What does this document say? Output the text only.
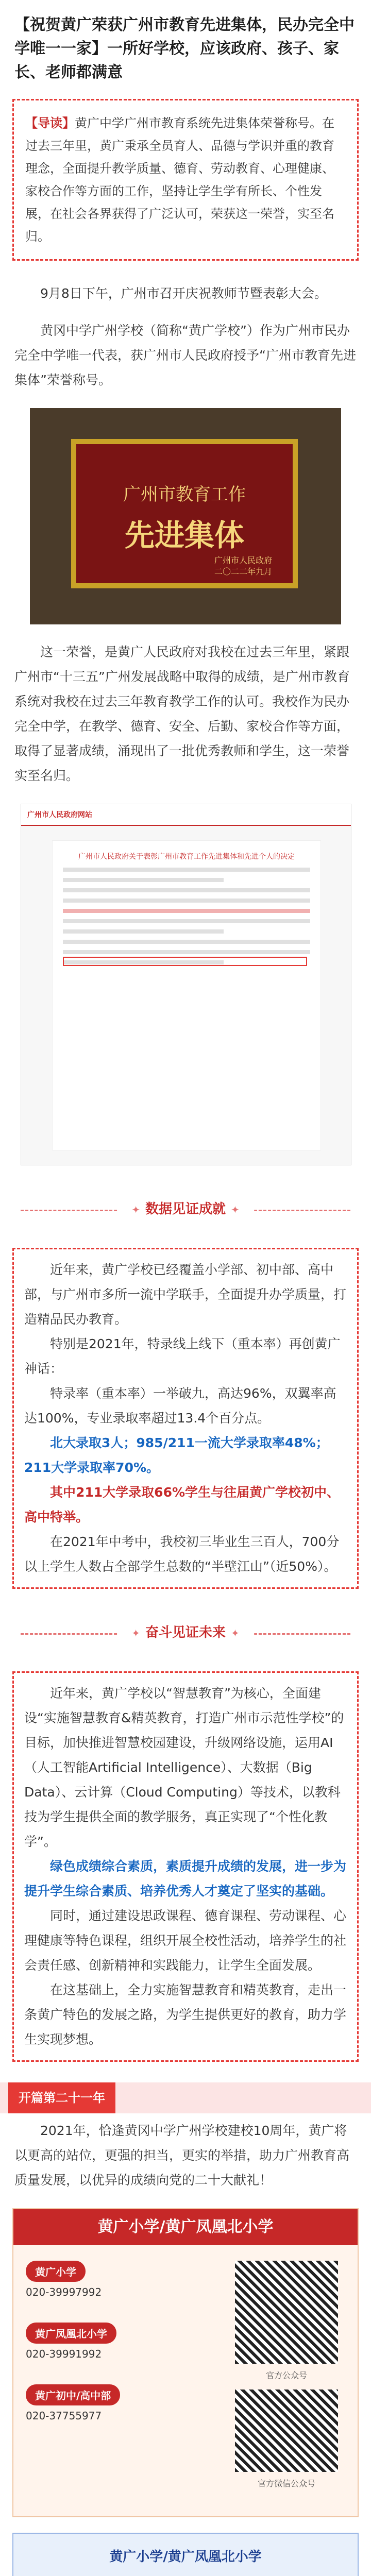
【祝贺黄广荣获广州市教育先进集体，民办完全中学唯一一家】一所好学校，应该政府、孩子、家长、老师都满意
【导读】黄广中学广州市教育系统先进集体荣誉称号。在过去三年里，黄广秉承全员育人、品德与学识并重的教育理念，全面提升教学质量、德育、劳动教育、心理健康、家校合作等方面的工作，坚持让学生学有所长、个性发展，在社会各界获得了广泛认可，荣获这一荣誉，实至名归。

9月8日下午，广州市召开庆祝教师节暨表彰大会。

黄冈中学广州学校（简称“黄广学校”）作为广州市民办完全中学唯一代表，获广州市人民政府授予“广州市教育先进集体”荣誉称号。

广州市教育工作
先进集体
广州市人民政府
二〇二二年九月

这一荣誉，是黄广人民政府对我校在过去三年里，紧跟广州市“十三五”广州发展战略中取得的成绩，是广州市教育系统对我校在过去三年教育教学工作的认可。我校作为民办完全中学，在教学、德育、安全、后勤、家校合作等方面，取得了显著成绩，涌现出了一批优秀教师和学生，这一荣誉实至名归。

广州市人民政府网站
广州市人民政府关于表彰广州市教育工作先进集体和先进个人的决定
✦ 数据见证成就 ✦

近年来，黄广学校已经覆盖小学部、初中部、高中部，与广州市多所一流中学联手，全面提升办学质量，打造精品民办教育。

特别是2021年，特录线上线下（重本率）再创黄广神话：

特录率（重本率）一举破九，高达96%，双翼率高达100%，专业录取率超过13.4个百分点。

北大录取3人；985/211一流大学录取率48%；211大学录取率70%。

其中211大学录取66%学生与往届黄广学校初中、高中特举。

在2021年中考中，我校初三毕业生三百人，700分以上学生人数占全部学生总数的“半壁江山”（近50%）。

✦ 奋斗见证未来 ✦

近年来，黄广学校以“智慧教育”为核心，全面建设“实施智慧教育&精英教育，打造广州市示范性学校”的目标，加快推进智慧校园建设，升级网络设施，运用AI（人工智能Artificial Intelligence）、大数据（Big Data）、云计算（Cloud Computing）等技术，以教科技为学生提供全面的教学服务，真正实现了“个性化教学”。

绿色成绩综合素质，素质提升成绩的发展，进一步为提升学生综合素质、培养优秀人才奠定了坚实的基础。

同时，通过建设思政课程、德育课程、劳动课程、心理健康等特色课程，组织开展全校性活动，培养学生的社会责任感、创新精神和实践能力，让学生全面发展。

在这基础上，全力实施智慧教育和精英教育，走出一条黄广特色的发展之路，为学生提供更好的教育，助力学生实现梦想。

开篇第二十一年

2021年，恰逢黄冈中学广州学校建校10周年，黄广将以更高的站位，更强的担当，更实的举措，助力广州教育高质量发展，以优异的成绩向党的二十大献礼！

黄广小学/黄广凤凰北小学
黄广小学
020-39997992
黄广凤凰北小学
020-39991992
黄广初中/高中部
020-37755977
官方公众号
官方微信公众号
黄广小学/黄广凤凰北小学
